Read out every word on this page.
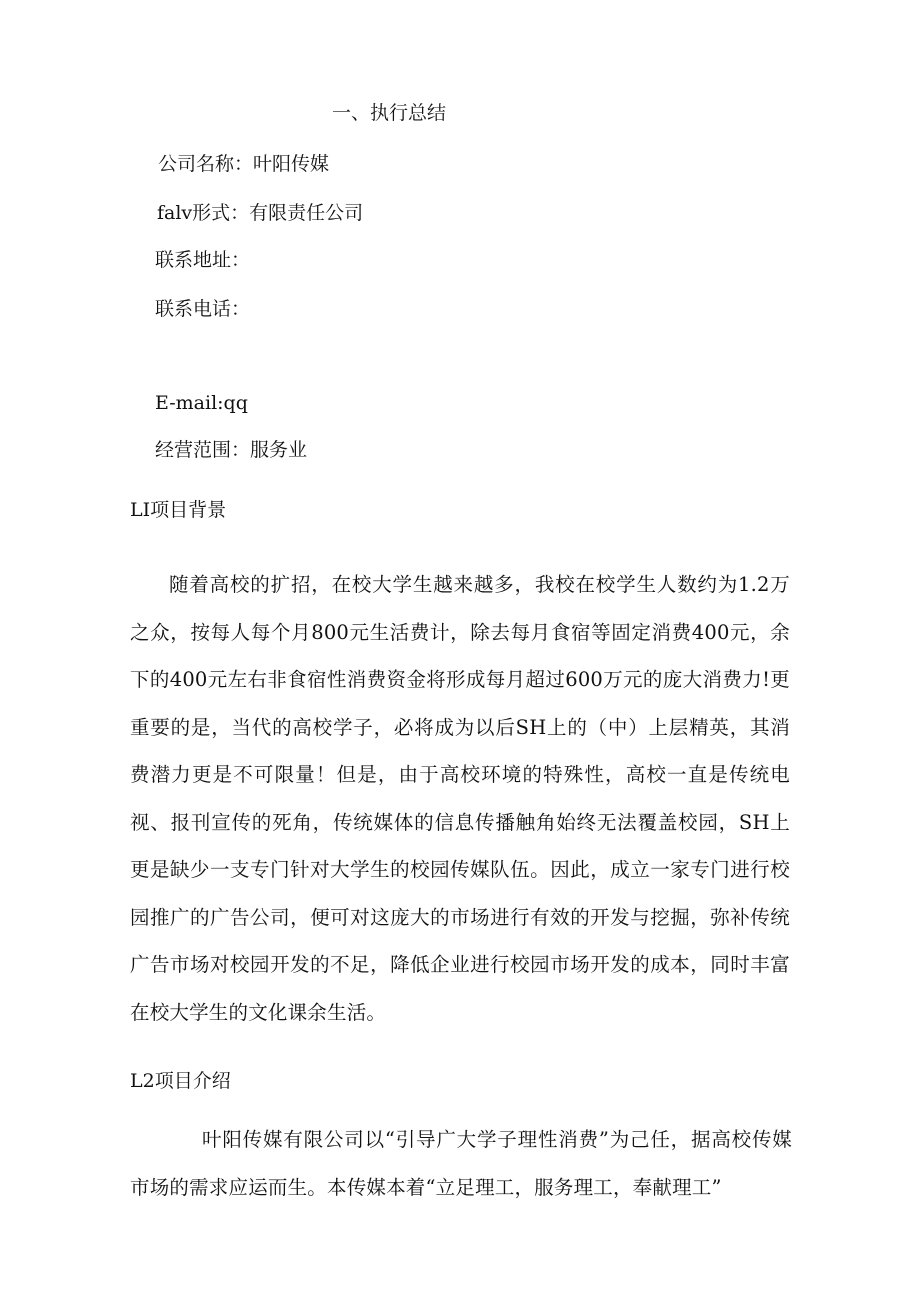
一、执行总结
公司名称：叶阳传媒
falv形式：有限责任公司
联系地址：
联系电话：
E-mail:qq
经营范围：服务业
LI项目背景
随着高校的扩招，在校大学生越来越多，我校在校学生人数约为1.2万之众，按每人每个月800元生活费计，除去每月食宿等固定消费400元，余下的400元左右非食宿性消费资金将形成每月超过600万元的庞大消费力!更重要的是，当代的高校学子，必将成为以后SH上的（中）上层精英，其消费潜力更是不可限量！但是，由于高校环境的特殊性，高校一直是传统电视、报刊宣传的死角，传统媒体的信息传播触角始终无法覆盖校园，SH上更是缺少一支专门针对大学生的校园传媒队伍。因此，成立一家专门进行校园推广的广告公司，便可对这庞大的市场进行有效的开发与挖掘，弥补传统广告市场对校园开发的不足，降低企业进行校园市场开发的成本，同时丰富在校大学生的文化课余生活。
L2项目介绍
叶阳传媒有限公司以“引导广大学子理性消费”为己任，据高校传媒市场的需求应运而生。本传媒本着“立足理工，服务理工，奉献理工”
